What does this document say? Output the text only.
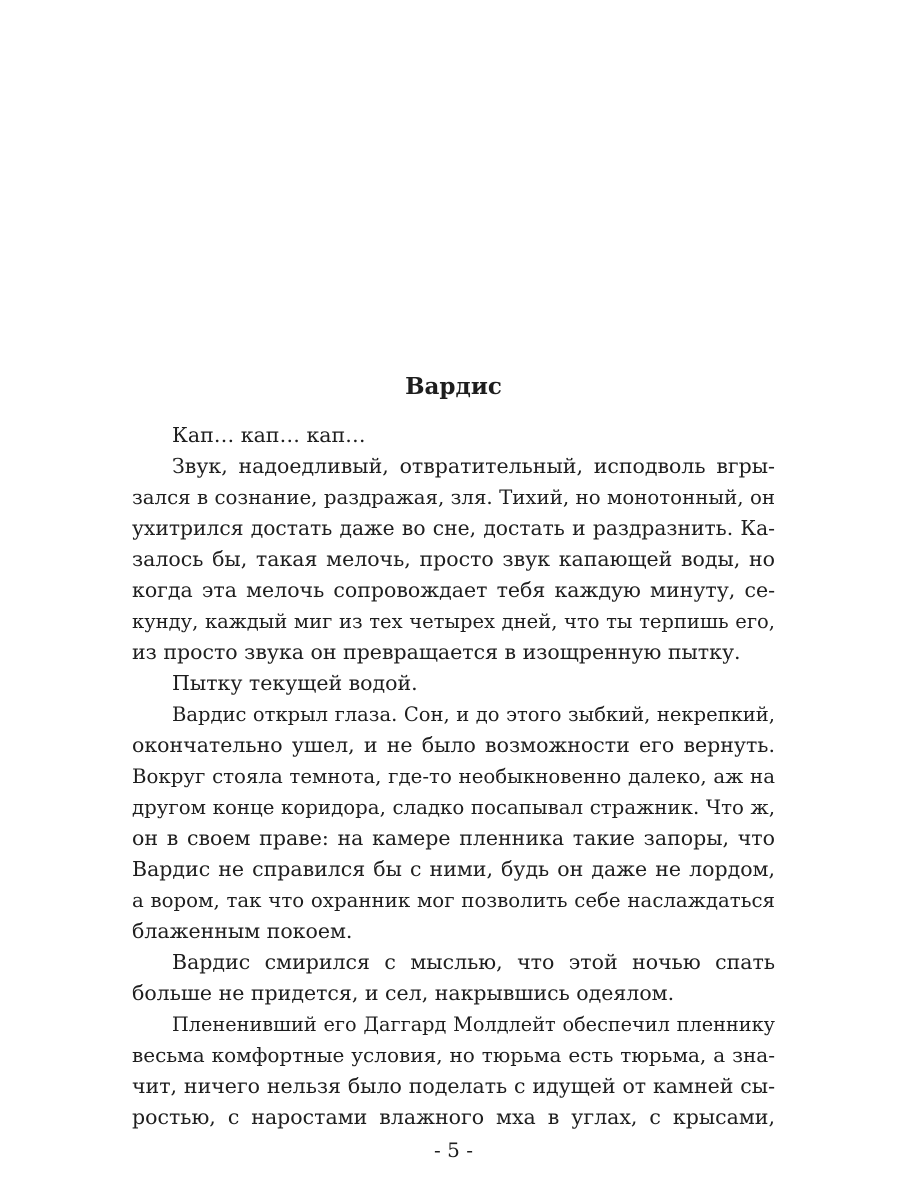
Вардис
Кап… кап… кап…
Звук, надоедливый, отвратительный, исподволь вгры-
зался в сознание, раздражая, зля. Тихий, но монотонный, он
ухитрился достать даже во сне, достать и раздразнить. Ка-
залось бы, такая мелочь, просто звук капающей воды, но
когда эта мелочь сопровождает тебя каждую минуту, се-
кунду, каждый миг из тех четырех дней, что ты терпишь его,
из просто звука он превращается в изощренную пытку.
Пытку текущей водой.
Вардис открыл глаза. Сон, и до этого зыбкий, некрепкий,
окончательно ушел, и не было возможности его вернуть.
Вокруг стояла темнота, где-то необыкновенно далеко, аж на
другом конце коридора, сладко посапывал стражник. Что ж,
он в своем праве: на камере пленника такие запоры, что
Вардис не справился бы с ними, будь он даже не лордом,
а вором, так что охранник мог позволить себе наслаждаться
блаженным покоем.
Вардис смирился с мыслью, что этой ночью спать
больше не придется, и сел, накрывшись одеялом.
Плененивший его Даггард Молдлейт обеспечил пленнику
весьма комфортные условия, но тюрьма есть тюрьма, а зна-
чит, ничего нельзя было поделать с идущей от камней сы-
ростью, с наростами влажного мха в углах, с крысами,
- 5 -
